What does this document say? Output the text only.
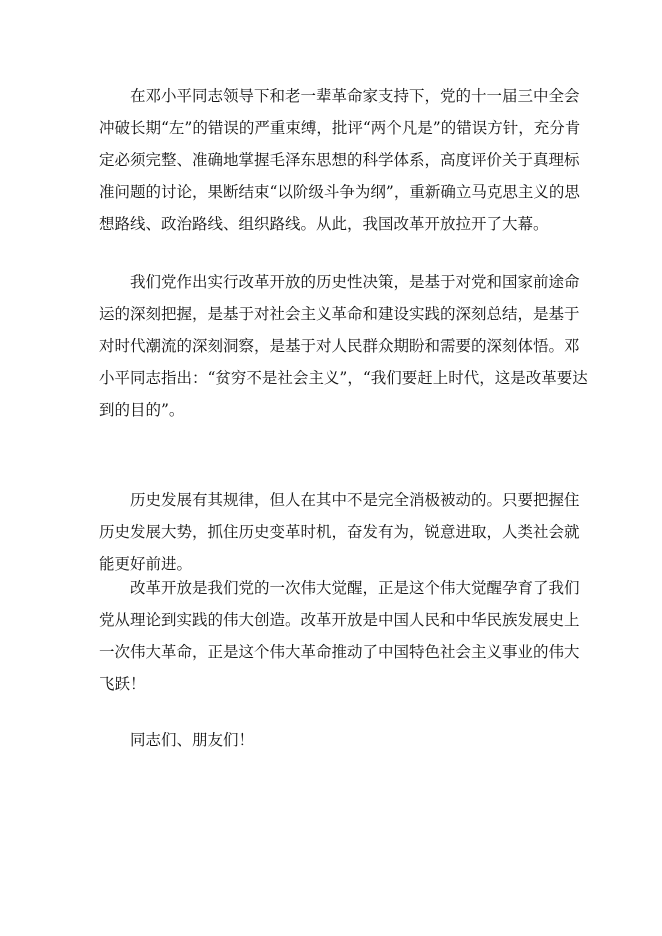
在邓小平同志领导下和老一辈革命家支持下，党的十一届三中全会
冲破长期“左”的错误的严重束缚，批评“两个凡是”的错误方针，充分肯
定必须完整、准确地掌握毛泽东思想的科学体系，高度评价关于真理标
准问题的讨论，果断结束“以阶级斗争为纲”，重新确立马克思主义的思
想路线、政治路线、组织路线。从此，我国改革开放拉开了大幕。

我们党作出实行改革开放的历史性决策，是基于对党和国家前途命
运的深刻把握，是基于对社会主义革命和建设实践的深刻总结，是基于
对时代潮流的深刻洞察，是基于对人民群众期盼和需要的深刻体悟。邓
小平同志指出：“贫穷不是社会主义”，“我们要赶上时代，这是改革要达
到的目的”。

历史发展有其规律，但人在其中不是完全消极被动的。只要把握住
历史发展大势，抓住历史变革时机，奋发有为，锐意进取，人类社会就
能更好前进。

改革开放是我们党的一次伟大觉醒，正是这个伟大觉醒孕育了我们
党从理论到实践的伟大创造。改革开放是中国人民和中华民族发展史上
一次伟大革命，正是这个伟大革命推动了中国特色社会主义事业的伟大
飞跃！

同志们、朋友们！
